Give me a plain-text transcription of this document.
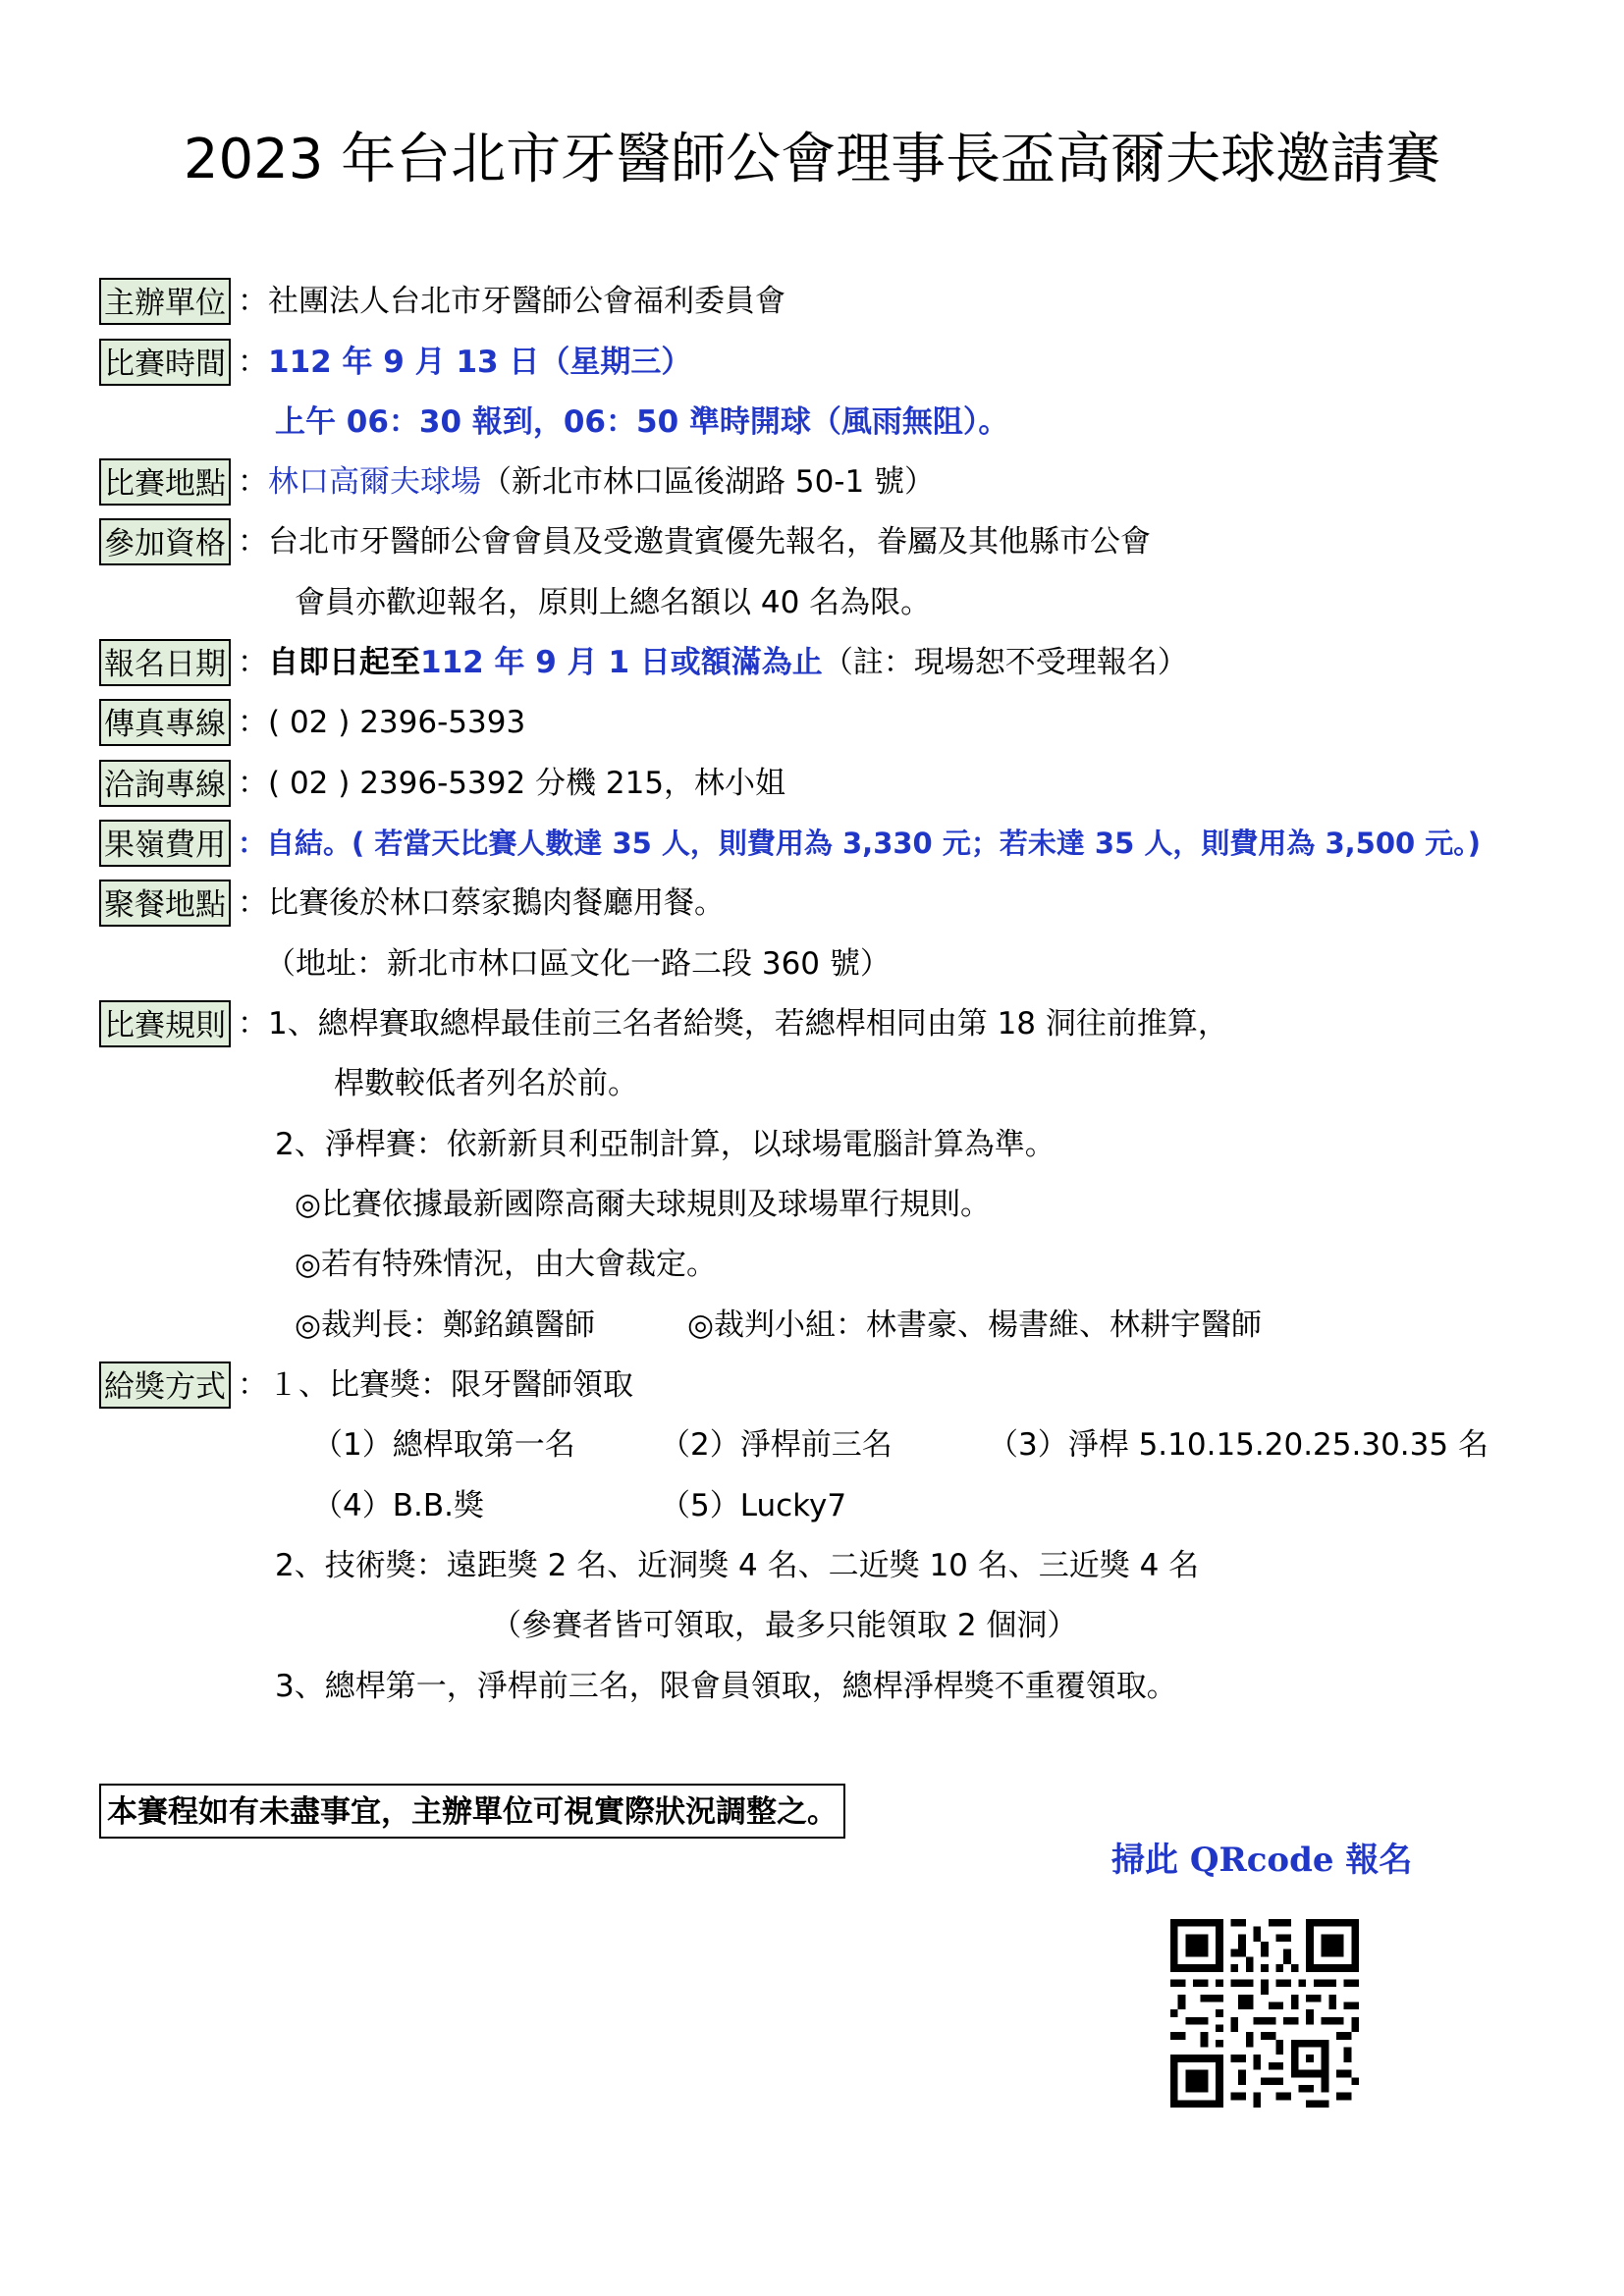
2023 年台北市牙醫師公會理事長盃高爾夫球邀請賽
主辦單位 ：社團法人台北市牙醫師公會福利委員會
比賽時間 ：112 年 9 月 13 日（星期三）
上午 06：30 報到，06：50 準時開球（風雨無阻）。
比賽地點 ：林口高爾夫球場（新北市林口區後湖路 50-1 號）
參加資格 ：台北市牙醫師公會會員及受邀貴賓優先報名，眷屬及其他縣市公會
會員亦歡迎報名，原則上總名額以 40 名為限。
報名日期 ：自即日起至112 年 9 月 1 日或額滿為止（註：現場恕不受理報名）
傳真專線 ：( 02 ) 2396-5393
洽詢專線 ：( 02 ) 2396-5392 分機 215，林小姐
果嶺費用 ：自結。( 若當天比賽人數達 35 人，則費用為 3,330 元；若未達 35 人，則費用為 3,500 元。)
聚餐地點 ：比賽後於林口蔡家鵝肉餐廳用餐。
（地址：新北市林口區文化一路二段 360 號）
比賽規則 ：1、總桿賽取總桿最佳前三名者給獎，若總桿相同由第 18 洞往前推算，
桿數較低者列名於前。
2、淨桿賽：依新新貝利亞制計算，以球場電腦計算為準。
◎比賽依據最新國際高爾夫球規則及球場單行規則。
◎若有特殊情況，由大會裁定。
◎裁判長：鄭銘鎮醫師	◎裁判小組：林書豪、楊書維、林耕宇醫師
給獎方式 ：１、比賽獎：限牙醫師領取
（1）總桿取第一名	（2）淨桿前三名	（3）淨桿 5.10.15.20.25.30.35 名
（4）B.B.獎	（5）Lucky7
2、技術獎：遠距獎 2 名、近洞獎 4 名、二近獎 10 名、三近獎 4 名
（參賽者皆可領取，最多只能領取 2 個洞）
3、總桿第一，淨桿前三名，限會員領取，總桿淨桿獎不重覆領取。
本賽程如有未盡事宜，主辦單位可視實際狀況調整之。
掃此 QRcode 報名
